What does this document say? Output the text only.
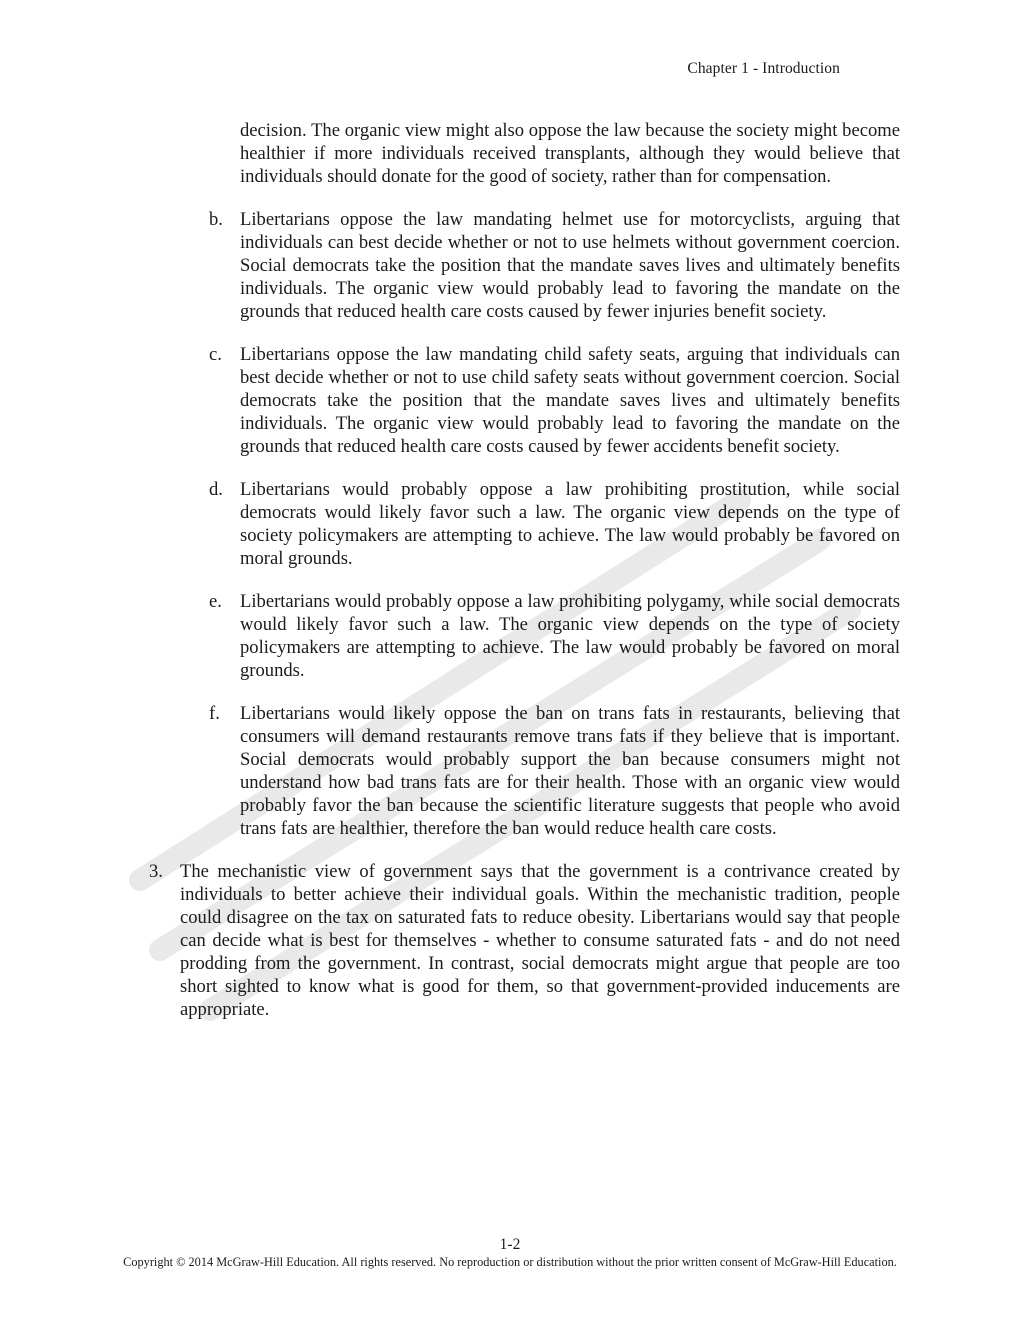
Chapter 1 - Introduction

decision. The organic view might also oppose the law because the society might become healthier if more individuals received transplants, although they would believe that individuals should donate for the good of society, rather than for compensation.

b. Libertarians oppose the law mandating helmet use for motorcyclists, arguing that individuals can best decide whether or not to use helmets without government coercion. Social democrats take the position that the mandate saves lives and ultimately benefits individuals. The organic view would probably lead to favoring the mandate on the grounds that reduced health care costs caused by fewer injuries benefit society.

c. Libertarians oppose the law mandating child safety seats, arguing that individuals can best decide whether or not to use child safety seats without government coercion. Social democrats take the position that the mandate saves lives and ultimately benefits individuals. The organic view would probably lead to favoring the mandate on the grounds that reduced health care costs caused by fewer accidents benefit society.

d. Libertarians would probably oppose a law prohibiting prostitution, while social democrats would likely favor such a law. The organic view depends on the type of society policymakers are attempting to achieve. The law would probably be favored on moral grounds.

e. Libertarians would probably oppose a law prohibiting polygamy, while social democrats would likely favor such a law. The organic view depends on the type of society policymakers are attempting to achieve. The law would probably be favored on moral grounds.

f. Libertarians would likely oppose the ban on trans fats in restaurants, believing that consumers will demand restaurants remove trans fats if they believe that is important. Social democrats would probably support the ban because consumers might not understand how bad trans fats are for their health. Those with an organic view would probably favor the ban because the scientific literature suggests that people who avoid trans fats are healthier, therefore the ban would reduce health care costs.

3. The mechanistic view of government says that the government is a contrivance created by individuals to better achieve their individual goals. Within the mechanistic tradition, people could disagree on the tax on saturated fats to reduce obesity. Libertarians would say that people can decide what is best for themselves - whether to consume saturated fats - and do not need prodding from the government. In contrast, social democrats might argue that people are too short sighted to know what is good for them, so that government-provided inducements are appropriate.

1-2
Copyright © 2014 McGraw-Hill Education. All rights reserved. No reproduction or distribution without the prior written consent of McGraw-Hill Education.
